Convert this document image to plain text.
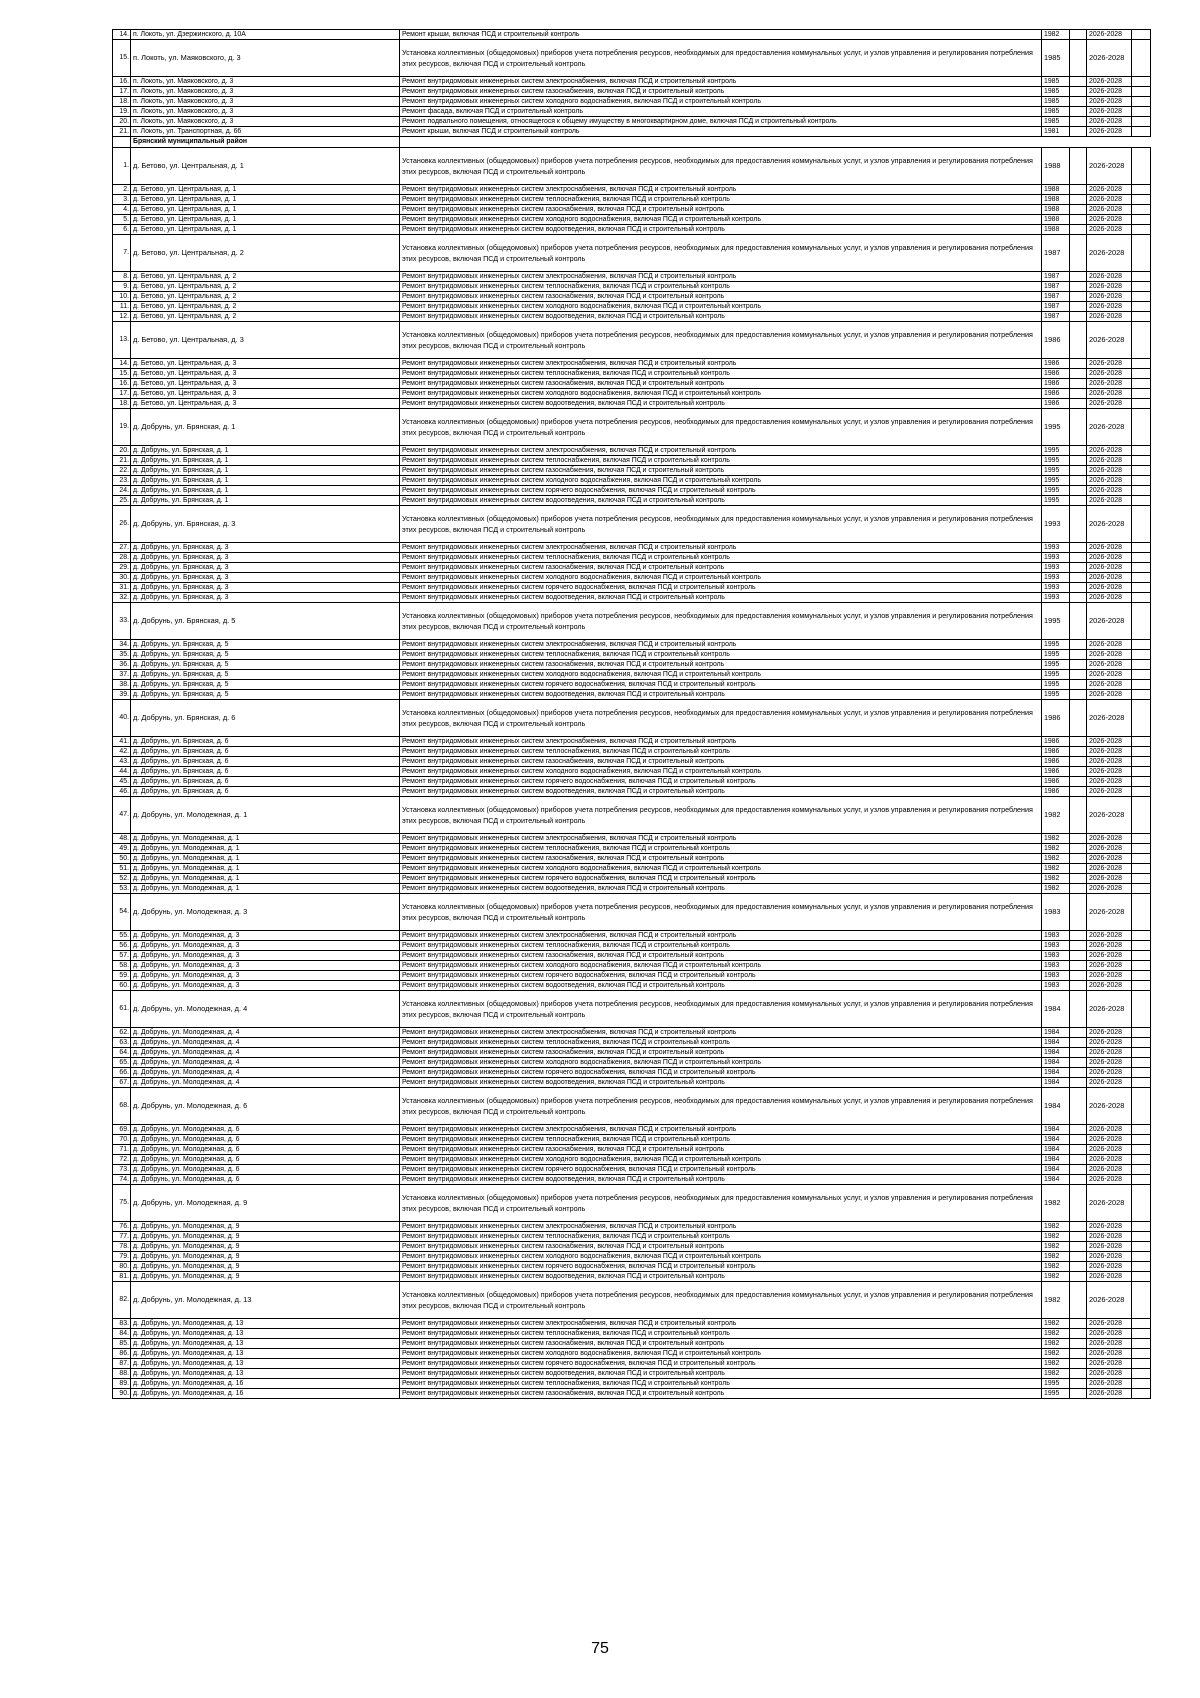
14.	п. Локоть, ул. Дзержинского, д. 10А	Ремонт крыши, включая ПСД и строительный контроль	1982		2026-2028	
15.	п. Локоть, ул. Маяковского, д. 3	Установка коллективных (общедомовых) приборов учета потребления ресурсов, необходимых для предоставления коммунальных услуг, и узлов управления и регулирования потребления этих ресурсов, включая ПСД и строительный контроль	1985		2026-2028	
16.	п. Локоть, ул. Маяковского, д. 3	Ремонт внутридомовых инженерных систем электроснабжения, включая ПСД и строительный контроль	1985		2026-2028	
17.	п. Локоть, ул. Маяковского, д. 3	Ремонт внутридомовых инженерных систем газоснабжения, включая ПСД и строительный контроль	1985		2026-2028	
18.	п. Локоть, ул. Маяковского, д. 3	Ремонт внутридомовых инженерных систем холодного водоснабжения, включая ПСД и строительный контроль	1985		2026-2028	
19.	п. Локоть, ул. Маяковского, д. 3	Ремонт фасада, включая ПСД и строительный контроль	1985		2026-2028	
20.	п. Локоть, ул. Маяковского, д. 3	Ремонт подвального помещения, относящегося к общему имуществу в многоквартирном доме, включая ПСД и строительный контроль	1985		2026-2028	
21.	п. Локоть, ул. Транспортная, д. 66	Ремонт крыши, включая ПСД и строительный контроль	1981		2026-2028	
	Брянский муниципальный район					
1.	д. Бетово, ул. Центральная, д. 1	Установка коллективных (общедомовых) приборов учета потребления ресурсов, необходимых для предоставления коммунальных услуг, и узлов управления и регулирования потребления этих ресурсов, включая ПСД и строительный контроль	1988		2026-2028	
2.	д. Бетово, ул. Центральная, д. 1	Ремонт внутридомовых инженерных систем электроснабжения, включая ПСД и строительный контроль	1988		2026-2028	
3.	д. Бетово, ул. Центральная, д. 1	Ремонт внутридомовых инженерных систем теплоснабжения, включая ПСД и строительный контроль	1988		2026-2028	
4.	д. Бетово, ул. Центральная, д. 1	Ремонт внутридомовых инженерных систем газоснабжения, включая ПСД и строительный контроль	1988		2026-2028	
5.	д. Бетово, ул. Центральная, д. 1	Ремонт внутридомовых инженерных систем холодного водоснабжения, включая ПСД и строительный контроль	1988		2026-2028	
6.	д. Бетово, ул. Центральная, д. 1	Ремонт внутридомовых инженерных систем водоотведения, включая ПСД и строительный контроль	1988		2026-2028	
7.	д. Бетово, ул. Центральная, д. 2	Установка коллективных (общедомовых) приборов учета потребления ресурсов, необходимых для предоставления коммунальных услуг, и узлов управления и регулирования потребления этих ресурсов, включая ПСД и строительный контроль	1987		2026-2028	
8.	д. Бетово, ул. Центральная, д. 2	Ремонт внутридомовых инженерных систем электроснабжения, включая ПСД и строительный контроль	1987		2026-2028	
9.	д. Бетово, ул. Центральная, д. 2	Ремонт внутридомовых инженерных систем теплоснабжения, включая ПСД и строительный контроль	1987		2026-2028	
10.	д. Бетово, ул. Центральная, д. 2	Ремонт внутридомовых инженерных систем газоснабжения, включая ПСД и строительный контроль	1987		2026-2028	
11.	д. Бетово, ул. Центральная, д. 2	Ремонт внутридомовых инженерных систем холодного водоснабжения, включая ПСД и строительный контроль	1987		2026-2028	
12.	д. Бетово, ул. Центральная, д. 2	Ремонт внутридомовых инженерных систем водоотведения, включая ПСД и строительный контроль	1987		2026-2028	
13.	д. Бетово, ул. Центральная, д. 3	Установка коллективных (общедомовых) приборов учета потребления ресурсов, необходимых для предоставления коммунальных услуг, и узлов управления и регулирования потребления этих ресурсов, включая ПСД и строительный контроль	1986		2026-2028	
14.	д. Бетово, ул. Центральная, д. 3	Ремонт внутридомовых инженерных систем электроснабжения, включая ПСД и строительный контроль	1986		2026-2028	
15.	д. Бетово, ул. Центральная, д. 3	Ремонт внутридомовых инженерных систем теплоснабжения, включая ПСД и строительный контроль	1986		2026-2028	
16.	д. Бетово, ул. Центральная, д. 3	Ремонт внутридомовых инженерных систем газоснабжения, включая ПСД и строительный контроль	1986		2026-2028	
17.	д. Бетово, ул. Центральная, д. 3	Ремонт внутридомовых инженерных систем холодного водоснабжения, включая ПСД и строительный контроль	1986		2026-2028	
18.	д. Бетово, ул. Центральная, д. 3	Ремонт внутридомовых инженерных систем водоотведения, включая ПСД и строительный контроль	1986		2026-2028	
19.	д. Добрунь, ул. Брянская, д. 1	Установка коллективных (общедомовых) приборов учета потребления ресурсов, необходимых для предоставления коммунальных услуг, и узлов управления и регулирования потребления этих ресурсов, включая ПСД и строительный контроль	1995		2026-2028	
20.	д. Добрунь, ул. Брянская, д. 1	Ремонт внутридомовых инженерных систем электроснабжения, включая ПСД и строительный контроль	1995		2026-2028	
21.	д. Добрунь, ул. Брянская, д. 1	Ремонт внутридомовых инженерных систем теплоснабжения, включая ПСД и строительный контроль	1995		2026-2028	
22.	д. Добрунь, ул. Брянская, д. 1	Ремонт внутридомовых инженерных систем газоснабжения, включая ПСД и строительный контроль	1995		2026-2028	
23.	д. Добрунь, ул. Брянская, д. 1	Ремонт внутридомовых инженерных систем холодного водоснабжения, включая ПСД и строительный контроль	1995		2026-2028	
24.	д. Добрунь, ул. Брянская, д. 1	Ремонт внутридомовых инженерных систем горячего водоснабжения, включая ПСД и строительный контроль	1995		2026-2028	
25.	д. Добрунь, ул. Брянская, д. 1	Ремонт внутридомовых инженерных систем водоотведения, включая ПСД и строительный контроль	1995		2026-2028	
26.	д. Добрунь, ул. Брянская, д. 3	Установка коллективных (общедомовых) приборов учета потребления ресурсов, необходимых для предоставления коммунальных услуг, и узлов управления и регулирования потребления этих ресурсов, включая ПСД и строительный контроль	1993		2026-2028	
27.	д. Добрунь, ул. Брянская, д. 3	Ремонт внутридомовых инженерных систем электроснабжения, включая ПСД и строительный контроль	1993		2026-2028	
28.	д. Добрунь, ул. Брянская, д. 3	Ремонт внутридомовых инженерных систем теплоснабжения, включая ПСД и строительный контроль	1993		2026-2028	
29.	д. Добрунь, ул. Брянская, д. 3	Ремонт внутридомовых инженерных систем газоснабжения, включая ПСД и строительный контроль	1993		2026-2028	
30.	д. Добрунь, ул. Брянская, д. 3	Ремонт внутридомовых инженерных систем холодного водоснабжения, включая ПСД и строительный контроль	1993		2026-2028	
31.	д. Добрунь, ул. Брянская, д. 3	Ремонт внутридомовых инженерных систем горячего водоснабжения, включая ПСД и строительный контроль	1993		2026-2028	
32.	д. Добрунь, ул. Брянская, д. 3	Ремонт внутридомовых инженерных систем водоотведения, включая ПСД и строительный контроль	1993		2026-2028	
33.	д. Добрунь, ул. Брянская, д. 5	Установка коллективных (общедомовых) приборов учета потребления ресурсов, необходимых для предоставления коммунальных услуг, и узлов управления и регулирования потребления этих ресурсов, включая ПСД и строительный контроль	1995		2026-2028	
34.	д. Добрунь, ул. Брянская, д. 5	Ремонт внутридомовых инженерных систем электроснабжения, включая ПСД и строительный контроль	1995		2026-2028	
35.	д. Добрунь, ул. Брянская, д. 5	Ремонт внутридомовых инженерных систем теплоснабжения, включая ПСД и строительный контроль	1995		2026-2028	
36.	д. Добрунь, ул. Брянская, д. 5	Ремонт внутридомовых инженерных систем газоснабжения, включая ПСД и строительный контроль	1995		2026-2028	
37.	д. Добрунь, ул. Брянская, д. 5	Ремонт внутридомовых инженерных систем холодного водоснабжения, включая ПСД и строительный контроль	1995		2026-2028	
38.	д. Добрунь, ул. Брянская, д. 5	Ремонт внутридомовых инженерных систем горячего водоснабжения, включая ПСД и строительный контроль	1995		2026-2028	
39.	д. Добрунь, ул. Брянская, д. 5	Ремонт внутридомовых инженерных систем водоотведения, включая ПСД и строительный контроль	1995		2026-2028	
40.	д. Добрунь, ул. Брянская, д. 6	Установка коллективных (общедомовых) приборов учета потребления ресурсов, необходимых для предоставления коммунальных услуг, и узлов управления и регулирования потребления этих ресурсов, включая ПСД и строительный контроль	1986		2026-2028	
41.	д. Добрунь, ул. Брянская, д. 6	Ремонт внутридомовых инженерных систем электроснабжения, включая ПСД и строительный контроль	1986		2026-2028	
42.	д. Добрунь, ул. Брянская, д. 6	Ремонт внутридомовых инженерных систем теплоснабжения, включая ПСД и строительный контроль	1986		2026-2028	
43.	д. Добрунь, ул. Брянская, д. 6	Ремонт внутридомовых инженерных систем газоснабжения, включая ПСД и строительный контроль	1986		2026-2028	
44.	д. Добрунь, ул. Брянская, д. 6	Ремонт внутридомовых инженерных систем холодного водоснабжения, включая ПСД и строительный контроль	1986		2026-2028	
45.	д. Добрунь, ул. Брянская, д. 6	Ремонт внутридомовых инженерных систем горячего водоснабжения, включая ПСД и строительный контроль	1986		2026-2028	
46.	д. Добрунь, ул. Брянская, д. 6	Ремонт внутридомовых инженерных систем водоотведения, включая ПСД и строительный контроль	1986		2026-2028	
47.	д. Добрунь, ул. Молодежная, д. 1	Установка коллективных (общедомовых) приборов учета потребления ресурсов, необходимых для предоставления коммунальных услуг, и узлов управления и регулирования потребления этих ресурсов, включая ПСД и строительный контроль	1982		2026-2028	
48.	д. Добрунь, ул. Молодежная, д. 1	Ремонт внутридомовых инженерных систем электроснабжения, включая ПСД и строительный контроль	1982		2026-2028	
49.	д. Добрунь, ул. Молодежная, д. 1	Ремонт внутридомовых инженерных систем теплоснабжения, включая ПСД и строительный контроль	1982		2026-2028	
50.	д. Добрунь, ул. Молодежная, д. 1	Ремонт внутридомовых инженерных систем газоснабжения, включая ПСД и строительный контроль	1982		2026-2028	
51.	д. Добрунь, ул. Молодежная, д. 1	Ремонт внутридомовых инженерных систем холодного водоснабжения, включая ПСД и строительный контроль	1982		2026-2028	
52.	д. Добрунь, ул. Молодежная, д. 1	Ремонт внутридомовых инженерных систем горячего водоснабжения, включая ПСД и строительный контроль	1982		2026-2028	
53.	д. Добрунь, ул. Молодежная, д. 1	Ремонт внутридомовых инженерных систем водоотведения, включая ПСД и строительный контроль	1982		2026-2028	
54.	д. Добрунь, ул. Молодежная, д. 3	Установка коллективных (общедомовых) приборов учета потребления ресурсов, необходимых для предоставления коммунальных услуг, и узлов управления и регулирования потребления этих ресурсов, включая ПСД и строительный контроль	1983		2026-2028	
55.	д. Добрунь, ул. Молодежная, д. 3	Ремонт внутридомовых инженерных систем электроснабжения, включая ПСД и строительный контроль	1983		2026-2028	
56.	д. Добрунь, ул. Молодежная, д. 3	Ремонт внутридомовых инженерных систем теплоснабжения, включая ПСД и строительный контроль	1983		2026-2028	
57.	д. Добрунь, ул. Молодежная, д. 3	Ремонт внутридомовых инженерных систем газоснабжения, включая ПСД и строительный контроль	1983		2026-2028	
58.	д. Добрунь, ул. Молодежная, д. 3	Ремонт внутридомовых инженерных систем холодного водоснабжения, включая ПСД и строительный контроль	1983		2026-2028	
59.	д. Добрунь, ул. Молодежная, д. 3	Ремонт внутридомовых инженерных систем горячего водоснабжения, включая ПСД и строительный контроль	1983		2026-2028	
60.	д. Добрунь, ул. Молодежная, д. 3	Ремонт внутридомовых инженерных систем водоотведения, включая ПСД и строительный контроль	1983		2026-2028	
61.	д. Добрунь, ул. Молодежная, д. 4	Установка коллективных (общедомовых) приборов учета потребления ресурсов, необходимых для предоставления коммунальных услуг, и узлов управления и регулирования потребления этих ресурсов, включая ПСД и строительный контроль	1984		2026-2028	
62.	д. Добрунь, ул. Молодежная, д. 4	Ремонт внутридомовых инженерных систем электроснабжения, включая ПСД и строительный контроль	1984		2026-2028	
63.	д. Добрунь, ул. Молодежная, д. 4	Ремонт внутридомовых инженерных систем теплоснабжения, включая ПСД и строительный контроль	1984		2026-2028	
64.	д. Добрунь, ул. Молодежная, д. 4	Ремонт внутридомовых инженерных систем газоснабжения, включая ПСД и строительный контроль	1984		2026-2028	
65.	д. Добрунь, ул. Молодежная, д. 4	Ремонт внутридомовых инженерных систем холодного водоснабжения, включая ПСД и строительный контроль	1984		2026-2028	
66.	д. Добрунь, ул. Молодежная, д. 4	Ремонт внутридомовых инженерных систем горячего водоснабжения, включая ПСД и строительный контроль	1984		2026-2028	
67.	д. Добрунь, ул. Молодежная, д. 4	Ремонт внутридомовых инженерных систем водоотведения, включая ПСД и строительный контроль	1984		2026-2028	
68.	д. Добрунь, ул. Молодежная, д. 6	Установка коллективных (общедомовых) приборов учета потребления ресурсов, необходимых для предоставления коммунальных услуг, и узлов управления и регулирования потребления этих ресурсов, включая ПСД и строительный контроль	1984		2026-2028	
69.	д. Добрунь, ул. Молодежная, д. 6	Ремонт внутридомовых инженерных систем электроснабжения, включая ПСД и строительный контроль	1984		2026-2028	
70.	д. Добрунь, ул. Молодежная, д. 6	Ремонт внутридомовых инженерных систем теплоснабжения, включая ПСД и строительный контроль	1984		2026-2028	
71.	д. Добрунь, ул. Молодежная, д. 6	Ремонт внутридомовых инженерных систем газоснабжения, включая ПСД и строительный контроль	1984		2026-2028	
72.	д. Добрунь, ул. Молодежная, д. 6	Ремонт внутридомовых инженерных систем холодного водоснабжения, включая ПСД и строительный контроль	1984		2026-2028	
73.	д. Добрунь, ул. Молодежная, д. 6	Ремонт внутридомовых инженерных систем горячего водоснабжения, включая ПСД и строительный контроль	1984		2026-2028	
74.	д. Добрунь, ул. Молодежная, д. 6	Ремонт внутридомовых инженерных систем водоотведения, включая ПСД и строительный контроль	1984		2026-2028	
75.	д. Добрунь, ул. Молодежная, д. 9	Установка коллективных (общедомовых) приборов учета потребления ресурсов, необходимых для предоставления коммунальных услуг, и узлов управления и регулирования потребления этих ресурсов, включая ПСД и строительный контроль	1982		2026-2028	
76.	д. Добрунь, ул. Молодежная, д. 9	Ремонт внутридомовых инженерных систем электроснабжения, включая ПСД и строительный контроль	1982		2026-2028	
77.	д. Добрунь, ул. Молодежная, д. 9	Ремонт внутридомовых инженерных систем теплоснабжения, включая ПСД и строительный контроль	1982		2026-2028	
78.	д. Добрунь, ул. Молодежная, д. 9	Ремонт внутридомовых инженерных систем газоснабжения, включая ПСД и строительный контроль	1982		2026-2028	
79.	д. Добрунь, ул. Молодежная, д. 9	Ремонт внутридомовых инженерных систем холодного водоснабжения, включая ПСД и строительный контроль	1982		2026-2028	
80.	д. Добрунь, ул. Молодежная, д. 9	Ремонт внутридомовых инженерных систем горячего водоснабжения, включая ПСД и строительный контроль	1982		2026-2028	
81.	д. Добрунь, ул. Молодежная, д. 9	Ремонт внутридомовых инженерных систем водоотведения, включая ПСД и строительный контроль	1982		2026-2028	
82.	д. Добрунь, ул. Молодежная, д. 13	Установка коллективных (общедомовых) приборов учета потребления ресурсов, необходимых для предоставления коммунальных услуг, и узлов управления и регулирования потребления этих ресурсов, включая ПСД и строительный контроль	1982		2026-2028	
83.	д. Добрунь, ул. Молодежная, д. 13	Ремонт внутридомовых инженерных систем электроснабжения, включая ПСД и строительный контроль	1982		2026-2028	
84.	д. Добрунь, ул. Молодежная, д. 13	Ремонт внутридомовых инженерных систем теплоснабжения, включая ПСД и строительный контроль	1982		2026-2028	
85.	д. Добрунь, ул. Молодежная, д. 13	Ремонт внутридомовых инженерных систем газоснабжения, включая ПСД и строительный контроль	1982		2026-2028	
86.	д. Добрунь, ул. Молодежная, д. 13	Ремонт внутридомовых инженерных систем холодного водоснабжения, включая ПСД и строительный контроль	1982		2026-2028	
87.	д. Добрунь, ул. Молодежная, д. 13	Ремонт внутридомовых инженерных систем горячего водоснабжения, включая ПСД и строительный контроль	1982		2026-2028	
88.	д. Добрунь, ул. Молодежная, д. 13	Ремонт внутридомовых инженерных систем водоотведения, включая ПСД и строительный контроль	1982		2026-2028	
89.	д. Добрунь, ул. Молодежная, д. 16	Ремонт внутридомовых инженерных систем теплоснабжения, включая ПСД и строительный контроль	1995		2026-2028	
90.	д. Добрунь, ул. Молодежная, д. 16	Ремонт внутридомовых инженерных систем газоснабжения, включая ПСД и строительный контроль	1995		2026-2028	
75
